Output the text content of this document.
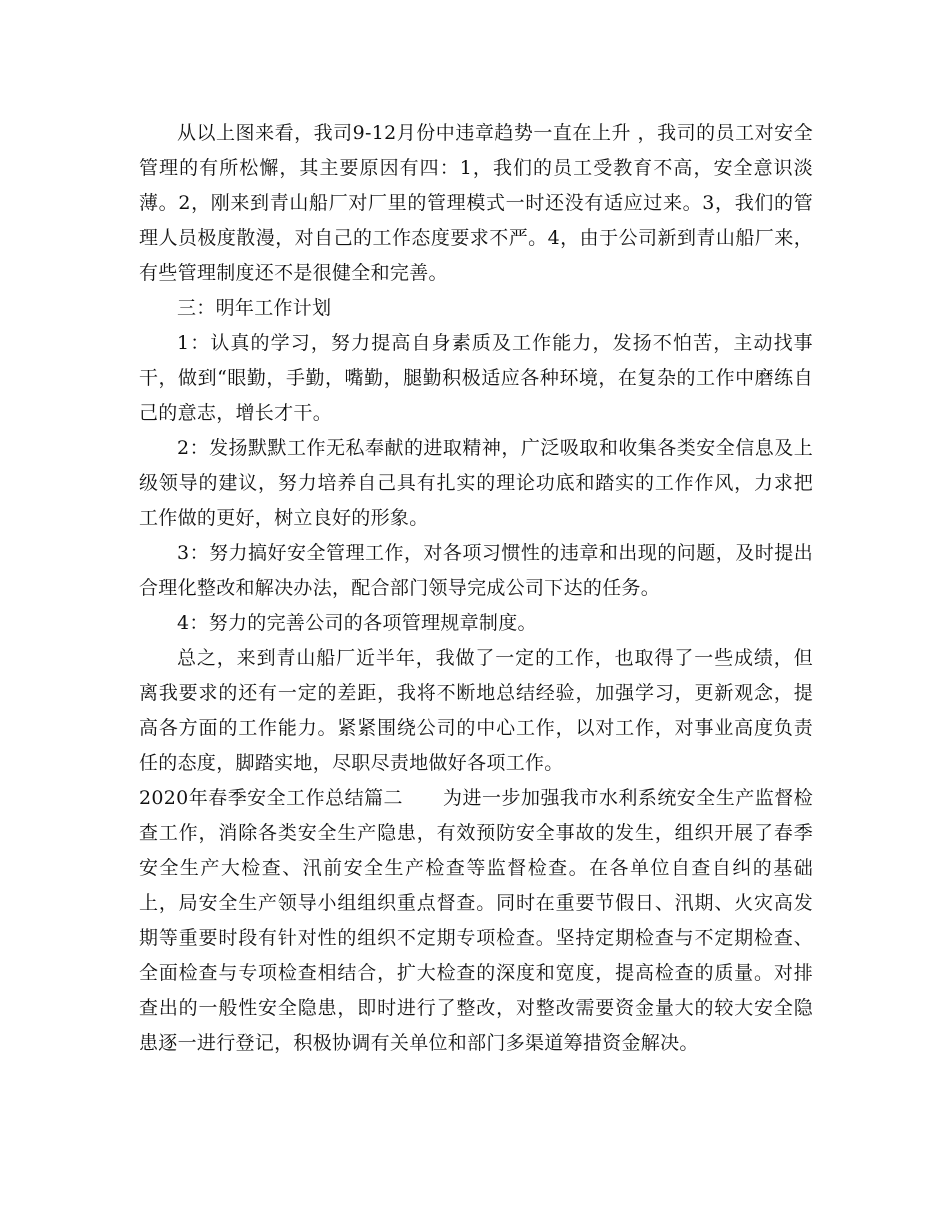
从以上图来看，我司9-12月份中违章趋势一直在上升 ，我司的员工对安全管理的有所松懈，其主要原因有四：1，我们的员工受教育不高，安全意识淡薄。2，刚来到青山船厂对厂里的管理模式一时还没有适应过来。3，我们的管理人员极度散漫，对自己的工作态度要求不严。4，由于公司新到青山船厂来，有些管理制度还不是很健全和完善。

三：明年工作计划

1：认真的学习，努力提高自身素质及工作能力，发扬不怕苦，主动找事干，做到“眼勤，手勤，嘴勤，腿勤积极适应各种环境，在复杂的工作中磨练自己的意志，增长才干。

2：发扬默默工作无私奉献的进取精神，广泛吸取和收集各类安全信息及上级领导的建议，努力培养自己具有扎实的理论功底和踏实的工作作风，力求把工作做的更好，树立良好的形象。

3：努力搞好安全管理工作，对各项习惯性的违章和出现的问题，及时提出合理化整改和解决办法，配合部门领导完成公司下达的任务。

4：努力的完善公司的各项管理规章制度。

总之，来到青山船厂近半年，我做了一定的工作，也取得了一些成绩，但离我要求的还有一定的差距，我将不断地总结经验，加强学习，更新观念，提高各方面的工作能力。紧紧围绕公司的中心工作，以对工作，对事业高度负责任的态度，脚踏实地，尽职尽责地做好各项工作。

2020年春季安全工作总结篇二 为进一步加强我市水利系统安全生产监督检查工作，消除各类安全生产隐患，有效预防安全事故的发生，组织开展了春季安全生产大检查、汛前安全生产检查等监督检查。在各单位自查自纠的基础上，局安全生产领导小组组织重点督查。同时在重要节假日、汛期、火灾高发期等重要时段有针对性的组织不定期专项检查。坚持定期检查与不定期检查、全面检查与专项检查相结合，扩大检查的深度和宽度，提高检查的质量。对排查出的一般性安全隐患，即时进行了整改，对整改需要资金量大的较大安全隐患逐一进行登记，积极协调有关单位和部门多渠道筹措资金解决。
